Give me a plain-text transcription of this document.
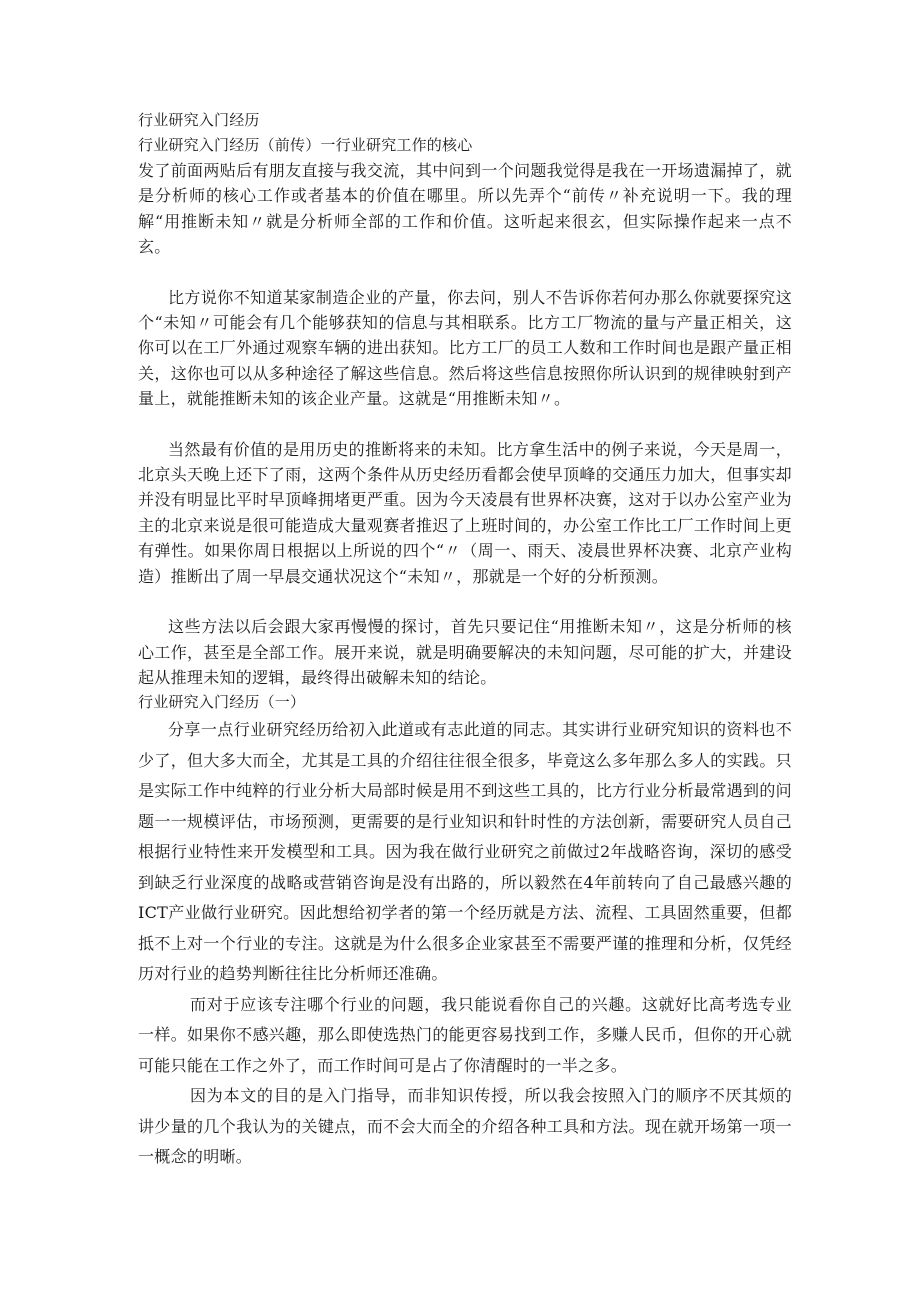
行业研究入门经历
行业研究入门经历（前传）一行业研究工作的核心

发了前面两贴后有朋友直接与我交流，其中问到一个问题我觉得是我在一开场遗漏掉了，就是分析师的核心工作或者基本的价值在哪里。所以先弄个“前传〃补充说明一下。我的理解“用推断未知〃就是分析师全部的工作和价值。这听起来很玄，但实际操作起来一点不玄。

比方说你不知道某家制造企业的产量，你去问，别人不告诉你若何办那么你就要探究这个“未知〃可能会有几个能够获知的信息与其相联系。比方工厂物流的量与产量正相关，这你可以在工厂外通过观察车辆的进出获知。比方工厂的员工人数和工作时间也是跟产量正相关，这你也可以从多种途径了解这些信息。然后将这些信息按照你所认识到的规律映射到产量上，就能推断未知的该企业产量。这就是“用推断未知〃。

当然最有价值的是用历史的推断将来的未知。比方拿生活中的例子来说，今天是周一，北京头天晚上还下了雨，这两个条件从历史经历看都会使早顶峰的交通压力加大，但事实却并没有明显比平时早顶峰拥堵更严重。因为今天凌晨有世界杯决赛，这对于以办公室产业为主的北京来说是很可能造成大量观赛者推迟了上班时间的，办公室工作比工厂工作时间上更有弹性。如果你周日根据以上所说的四个“〃（周一、雨天、凌晨世界杯决赛、北京产业构造）推断出了周一早晨交通状况这个“未知〃，那就是一个好的分析预测。

这些方法以后会跟大家再慢慢的探讨，首先只要记住“用推断未知〃，这是分析师的核心工作，甚至是全部工作。展开来说，就是明确要解决的未知问题，尽可能的扩大，并建设起从推理未知的逻辑，最终得出破解未知的结论。

行业研究入门经历（一）

分享一点行业研究经历给初入此道或有志此道的同志。其实讲行业研究知识的资料也不少了，但大多大而全，尤其是工具的介绍往往很全很多，毕竟这么多年那么多人的实践。只是实际工作中纯粹的行业分析大局部时候是用不到这些工具的，比方行业分析最常遇到的问题一一规模评估，市场预测，更需要的是行业知识和针时性的方法创新，需要研究人员自己根据行业特性来开发模型和工具。因为我在做行业研究之前做过2年战略咨询，深切的感受到缺乏行业深度的战略或营销咨询是没有出路的，所以毅然在4年前转向了自己最感兴趣的ICT产业做行业研究。因此想给初学者的第一个经历就是方法、流程、工具固然重要，但都抵不上对一个行业的专注。这就是为什么很多企业家甚至不需要严谨的推理和分析，仅凭经历对行业的趋势判断往往比分析师还准确。

而对于应该专注哪个行业的问题，我只能说看你自己的兴趣。这就好比高考选专业一样。如果你不感兴趣，那么即使选热门的能更容易找到工作，多赚人民币，但你的开心就可能只能在工作之外了，而工作时间可是占了你清醒时的一半之多。

因为本文的目的是入门指导，而非知识传授，所以我会按照入门的顺序不厌其烦的讲少量的几个我认为的关键点，而不会大而全的介绍各种工具和方法。现在就开场第一项一一概念的明晰。
